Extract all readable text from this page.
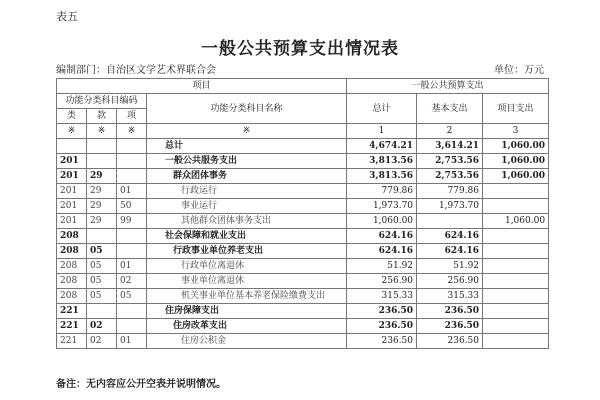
表五
一般公共预算支出情况表
编制部门：自治区文学艺术界联合会	单位：万元
项目				一般公共预算支出		
功能分类科目编码			功能分类科目名称	总计	基本支出	项目支出
类	款	项				
※	※	※	※	1	2	3
			总计	4,674.21	3,614.21	1,060.00
201			一般公共服务支出	3,813.56	2,753.56	1,060.00
201	29		群众团体事务	3,813.56	2,753.56	1,060.00
201	29	01	行政运行	779.86	779.86	
201	29	50	事业运行	1,973.70	1,973.70	
201	29	99	其他群众团体事务支出	1,060.00		1,060.00
208			社会保障和就业支出	624.16	624.16	
208	05		行政事业单位养老支出	624.16	624.16	
208	05	01	行政单位离退休	51.92	51.92	
208	05	02	事业单位离退休	256.90	256.90	
208	05	05	机关事业单位基本养老保险缴费支出	315.33	315.33	
221			住房保障支出	236.50	236.50	
221	02		住房改革支出	236.50	236.50	
221	02	01	住房公积金	236.50	236.50	
备注：无内容应公开空表并说明情况。
